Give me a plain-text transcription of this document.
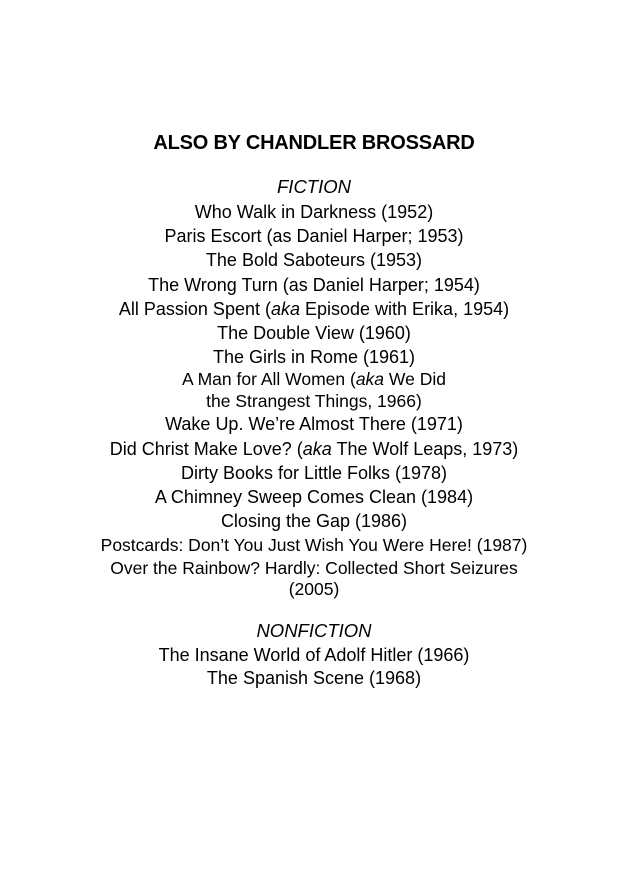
ALSO BY CHANDLER BROSSARD
FICTION
Who Walk in Darkness (1952)
Paris Escort (as Daniel Harper; 1953)
The Bold Saboteurs (1953)
The Wrong Turn (as Daniel Harper; 1954)
All Passion Spent (aka Episode with Erika, 1954)
The Double View (1960)
The Girls in Rome (1961)
A Man for All Women (aka We Did
the Strangest Things, 1966)
Wake Up. We’re Almost There (1971)
Did Christ Make Love? (aka The Wolf Leaps, 1973)
Dirty Books for Little Folks (1978)
A Chimney Sweep Comes Clean (1984)
Closing the Gap (1986)
Postcards: Don’t You Just Wish You Were Here! (1987)
Over the Rainbow? Hardly: Collected Short Seizures
(2005)
NONFICTION
The Insane World of Adolf Hitler (1966)
The Spanish Scene (1968)
